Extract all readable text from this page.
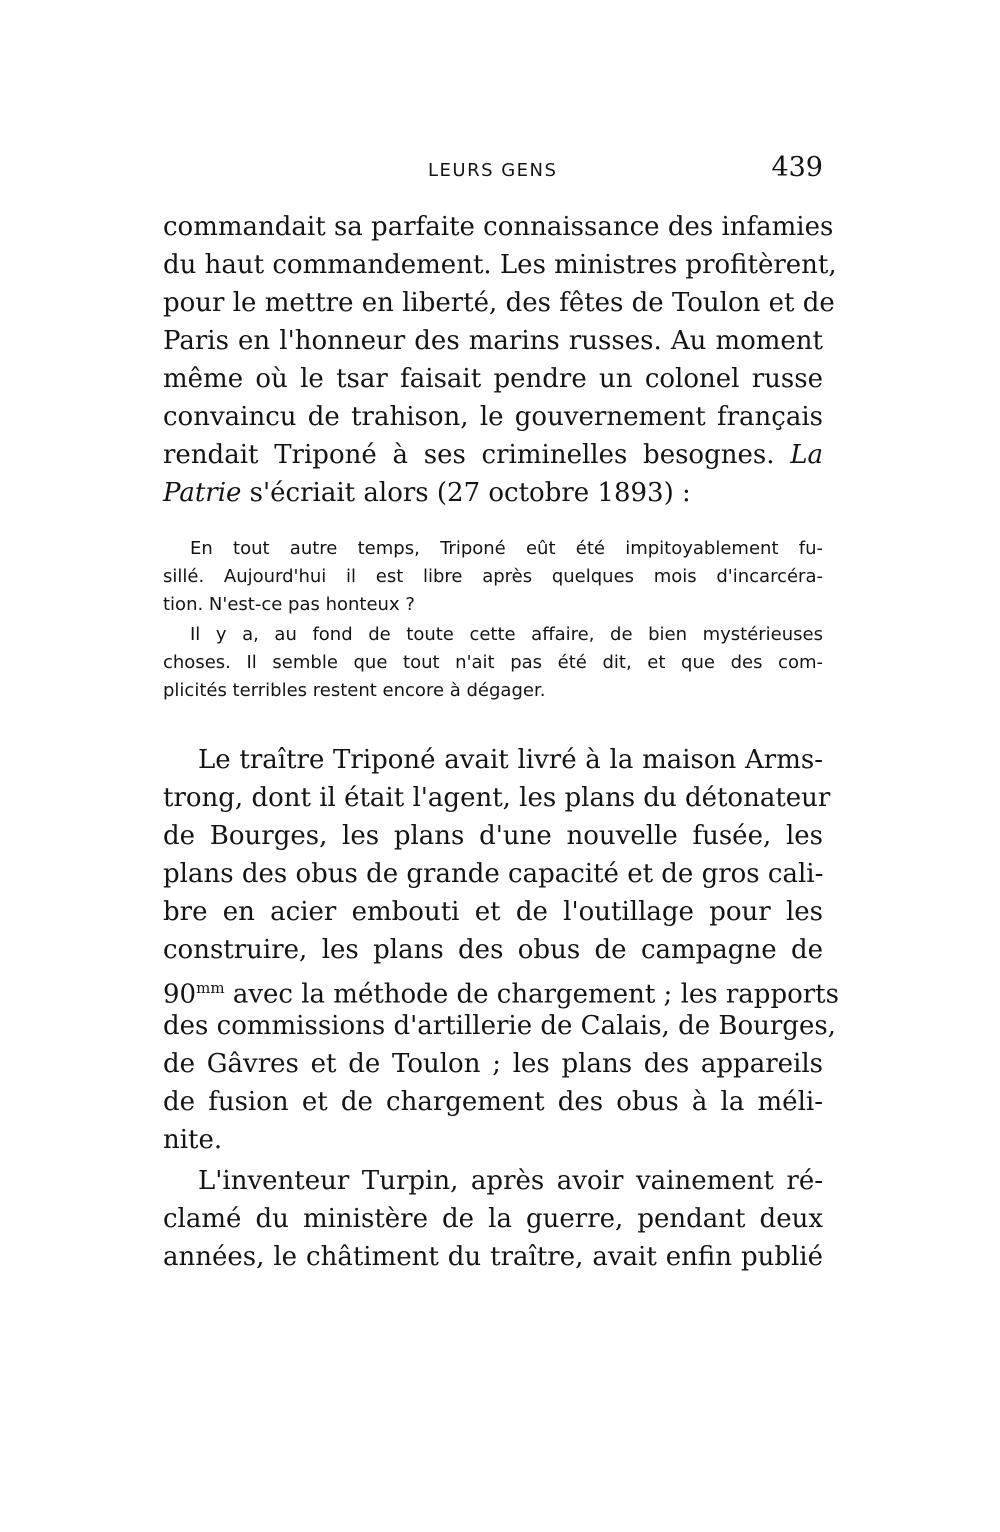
LEURS GENS	439
commandait sa parfaite connaissance des infamies
du haut commandement. Les ministres profitèrent,
pour le mettre en liberté, des fêtes de Toulon et de
Paris en l'honneur des marins russes. Au moment
même où le tsar faisait pendre un colonel russe
convaincu de trahison, le gouvernement français
rendait Triponé à ses criminelles besognes. La
Patrie s'écriait alors (27 octobre 1893) :
En tout autre temps, Triponé eût été impitoyablement fu-
sillé. Aujourd'hui il est libre après quelques mois d'incarcéra-
tion. N'est-ce pas honteux ?
Il y a, au fond de toute cette affaire, de bien mystérieuses
choses. Il semble que tout n'ait pas été dit, et que des com-
plicités terribles restent encore à dégager.
Le traître Triponé avait livré à la maison Arms-
trong, dont il était l'agent, les plans du détonateur
de Bourges, les plans d'une nouvelle fusée, les
plans des obus de grande capacité et de gros cali-
bre en acier embouti et de l'outillage pour les
construire, les plans des obus de campagne de
$90^{mm}$ avec la méthode de chargement ; les rapports
des commissions d'artillerie de Calais, de Bourges,
de Gâvres et de Toulon ; les plans des appareils
de fusion et de chargement des obus à la méli-
nite.
L'inventeur Turpin, après avoir vainement ré-
clamé du ministère de la guerre, pendant deux
années, le châtiment du traître, avait enfin publié
